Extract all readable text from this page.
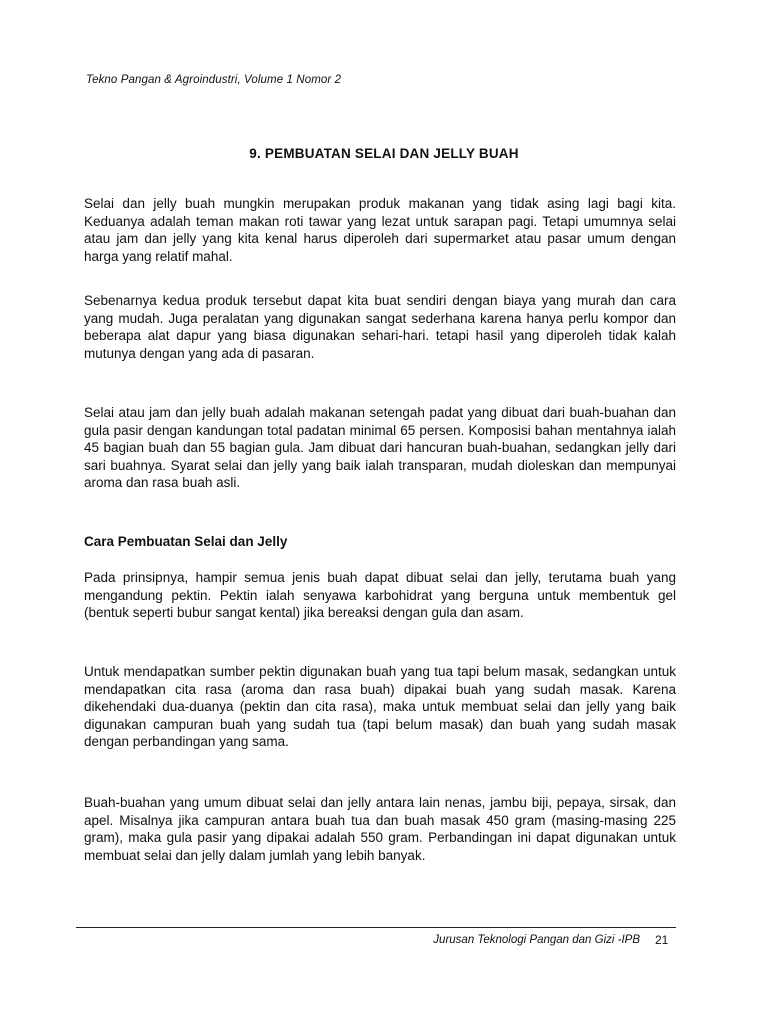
Tekno Pangan & Agroindustri, Volume 1 Nomor 2
9. PEMBUATAN SELAI DAN JELLY BUAH

Selai dan jelly buah mungkin merupakan produk makanan yang tidak asing lagi bagi kita. Keduanya adalah teman makan roti tawar yang lezat untuk sarapan pagi. Tetapi umumnya selai atau jam dan jelly yang kita kenal harus diperoleh dari supermarket atau pasar umum dengan harga yang relatif mahal.

Sebenarnya kedua produk tersebut dapat kita buat sendiri dengan biaya yang murah dan cara yang mudah. Juga peralatan yang digunakan sangat sederhana karena hanya perlu kompor dan beberapa alat dapur yang biasa digunakan sehari-hari. tetapi hasil yang diperoleh tidak kalah mutunya dengan yang ada di pasaran.

Selai atau jam dan jelly buah adalah makanan setengah padat yang dibuat dari buah-buahan dan gula pasir dengan kandungan total padatan minimal 65 persen. Komposisi bahan mentahnya ialah 45 bagian buah dan 55 bagian gula. Jam dibuat dari hancuran buah-buahan, sedangkan jelly dari sari buahnya. Syarat selai dan jelly yang baik ialah transparan, mudah dioleskan dan mempunyai aroma dan rasa buah asli.

Cara Pembuatan Selai dan Jelly

Pada prinsipnya, hampir semua jenis buah dapat dibuat selai dan jelly, terutama buah yang mengandung pektin. Pektin ialah senyawa karbohidrat yang berguna untuk membentuk gel (bentuk seperti bubur sangat kental) jika bereaksi dengan gula dan asam.

Untuk mendapatkan sumber pektin digunakan buah yang tua tapi belum masak, sedangkan untuk mendapatkan cita rasa (aroma dan rasa buah) dipakai buah yang sudah masak. Karena dikehendaki dua-duanya (pektin dan cita rasa), maka untuk membuat selai dan jelly yang baik digunakan campuran buah yang sudah tua (tapi belum masak) dan buah yang sudah masak dengan perbandingan yang sama.

Buah-buahan yang umum dibuat selai dan jelly antara lain nenas, jambu biji, pepaya, sirsak, dan apel. Misalnya jika campuran antara buah tua dan buah masak 450 gram (masing-masing 225 gram), maka gula pasir yang dipakai adalah 550 gram. Perbandingan ini dapat digunakan untuk membuat selai dan jelly dalam jumlah yang lebih banyak.

Jurusan Teknologi Pangan dan Gizi -IPB 21
